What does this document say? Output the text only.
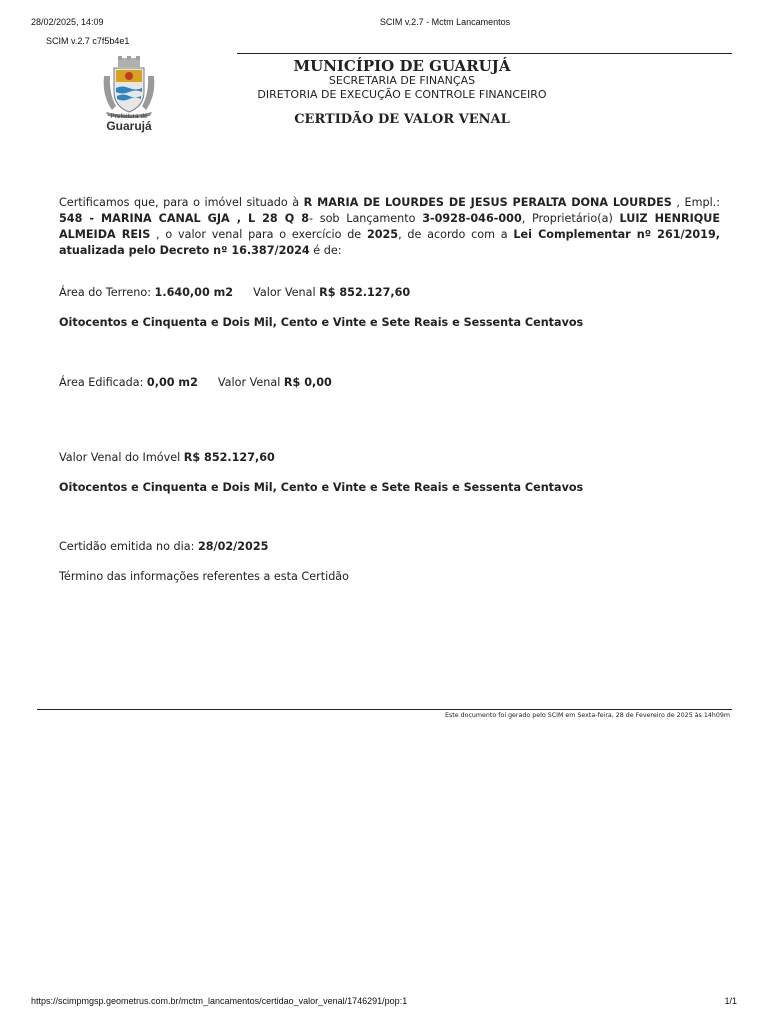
28/02/2025, 14:09	SCIM v.2.7 - Mctm Lancamentos
SCIM v.2.7 c7f5b4e1
Prefeitura de
Guarujá
MUNICÍPIO DE GUARUJÁ
SECRETARIA DE FINANÇAS
DIRETORIA DE EXECUÇÃO E CONTROLE FINANCEIRO
CERTIDÃO DE VALOR VENAL
Certificamos que, para o imóvel situado à R MARIA DE LOURDES DE JESUS PERALTA DONA LOURDES , Empl.: 548 - MARINA CANAL GJA , L 28 Q 8- sob Lançamento 3-0928-046-000, Proprietário(a) LUIZ HENRIQUE ALMEIDA REIS , o valor venal para o exercício de 2025, de acordo com a Lei Complementar nº 261/2019, atualizada pelo Decreto nº 16.387/2024 é de:
Área do Terreno: 1.640,00 m2 Valor Venal R$ 852.127,60
Oitocentos e Cinquenta e Dois Mil, Cento e Vinte e Sete Reais e Sessenta Centavos
Área Edificada: 0,00 m2 Valor Venal R$ 0,00
Valor Venal do Imóvel R$ 852.127,60
Oitocentos e Cinquenta e Dois Mil, Cento e Vinte e Sete Reais e Sessenta Centavos
Certidão emitida no dia: 28/02/2025
Término das informações referentes a esta Certidão
Este documento foi gerado pelo SCIM em Sexta-feira, 28 de Fevereiro de 2025 às 14h09m
https://scimpmgsp.geometrus.com.br/mctm_lancamentos/certidao_valor_venal/1746291/pop:1	1/1
